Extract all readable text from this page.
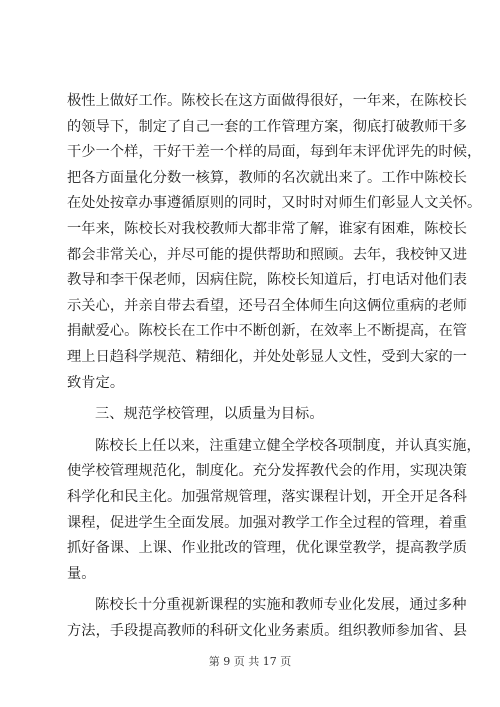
极性上做好工作。陈校长在这方面做得很好，一年来，在陈校长

的领导下，制定了自己一套的工作管理方案，彻底打破教师干多

干少一个样，干好干差一个样的局面，每到年末评优评先的时候，

把各方面量化分数一核算，教师的名次就出来了。工作中陈校长

在处处按章办事遵循原则的同时，又时时对师生们彰显人文关怀。

一年来，陈校长对我校教师大都非常了解，谁家有困难，陈校长

都会非常关心，并尽可能的提供帮助和照顾。去年，我校钟又进

教导和李干保老师，因病住院，陈校长知道后，打电话对他们表

示关心，并亲自带去看望，还号召全体师生向这俩位重病的老师

捐献爱心。陈校长在工作中不断创新，在效率上不断提高，在管

理上日趋科学规范、精细化，并处处彰显人文性，受到大家的一

致肯定。

三、规范学校管理，以质量为目标。

陈校长上任以来，注重建立健全学校各项制度，并认真实施，

使学校管理规范化，制度化。充分发挥教代会的作用，实现决策

科学化和民主化。加强常规管理，落实课程计划，开全开足各科

课程，促进学生全面发展。加强对教学工作全过程的管理，着重

抓好备课、上课、作业批改的管理，优化课堂教学，提高教学质

量。

陈校长十分重视新课程的实施和教师专业化发展，通过多种

方法，手段提高教师的科研文化业务素质。组织教师参加省、县

第 9 页 共 17 页
